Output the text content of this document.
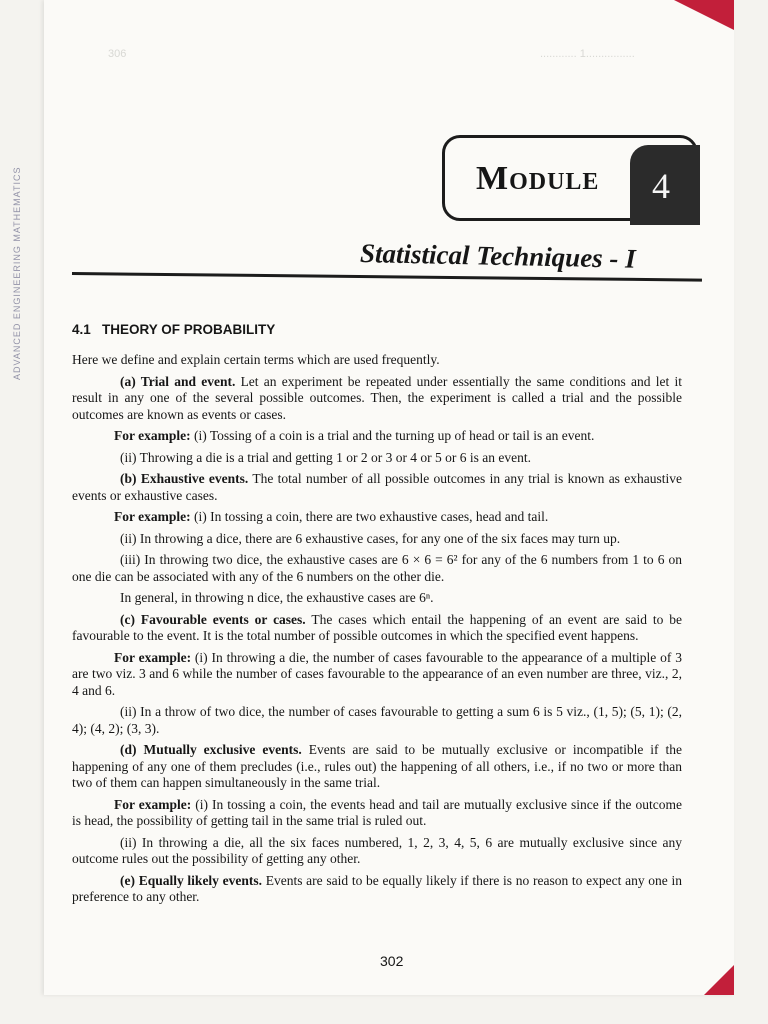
ADVANCED ENGINEERING MATHEMATICS
306	............ 1................
Module 4
Statistical Techniques - I
4.1 THEORY OF PROBABILITY

Here we define and explain certain terms which are used frequently.

(a) Trial and event. Let an experiment be repeated under essentially the same conditions and let it result in any one of the several possible outcomes. Then, the experiment is called a trial and the possible outcomes are known as events or cases.

For example: (i) Tossing of a coin is a trial and the turning up of head or tail is an event.

(ii) Throwing a die is a trial and getting 1 or 2 or 3 or 4 or 5 or 6 is an event.

(b) Exhaustive events. The total number of all possible outcomes in any trial is known as exhaustive events or exhaustive cases.

For example: (i) In tossing a coin, there are two exhaustive cases, head and tail.

(ii) In throwing a dice, there are 6 exhaustive cases, for any one of the six faces may turn up.

(iii) In throwing two dice, the exhaustive cases are 6 × 6 = 6² for any of the 6 numbers from 1 to 6 on one die can be associated with any of the 6 numbers on the other die.

In general, in throwing n dice, the exhaustive cases are 6ⁿ.

(c) Favourable events or cases. The cases which entail the happening of an event are said to be favourable to the event. It is the total number of possible outcomes in which the specified event happens.

For example: (i) In throwing a die, the number of cases favourable to the appearance of a multiple of 3 are two viz. 3 and 6 while the number of cases favourable to the appearance of an even number are three, viz., 2, 4 and 6.

(ii) In a throw of two dice, the number of cases favourable to getting a sum 6 is 5 viz., (1, 5); (5, 1); (2, 4); (4, 2); (3, 3).

(d) Mutually exclusive events. Events are said to be mutually exclusive or incompatible if the happening of any one of them precludes (i.e., rules out) the happening of all others, i.e., if no two or more than two of them can happen simultaneously in the same trial.

For example: (i) In tossing a coin, the events head and tail are mutually exclusive since if the outcome is head, the possibility of getting tail in the same trial is ruled out.

(ii) In throwing a die, all the six faces numbered, 1, 2, 3, 4, 5, 6 are mutually exclusive since any outcome rules out the possibility of getting any other.

(e) Equally likely events. Events are said to be equally likely if there is no reason to expect any one in preference to any other.

302
